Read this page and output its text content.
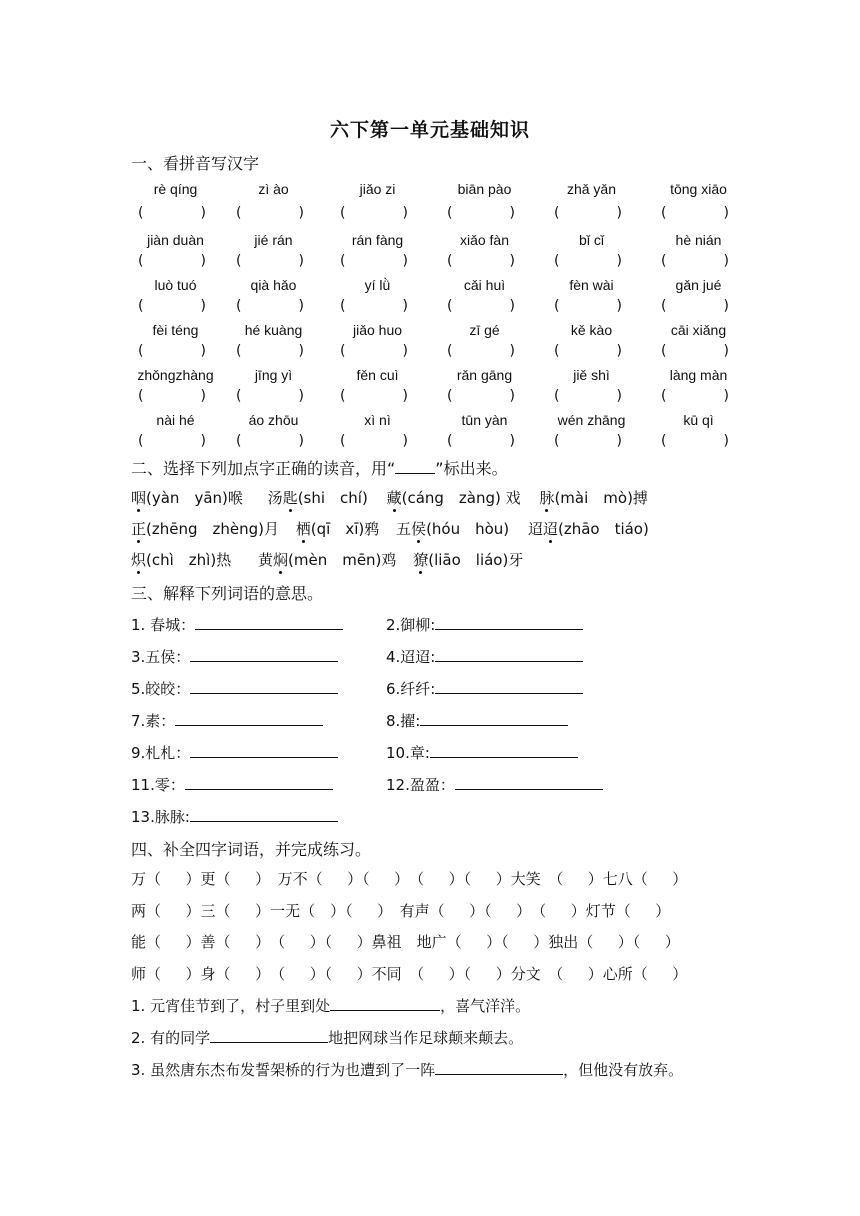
六下第一单元基础知识
一、看拼音写汉字
rè qíng	zì ào	jiǎo zi	biān pào	zhǎ yǎn	tōng xiāo
(	) (	)	(	)	(	)	(	)	(	)
jiàn duàn	jié rán	rán fàng	xiǎo fàn	bǐ cǐ	hè nián
(	) (	)	(	)	(	)	(	)	(	)
luò tuó	qià hǎo	yí lǜ	cǎi huì	fèn wài	gǎn jué
(	) (	)	(	)	(	)	(	)	(	)
fèi téng	hé kuàng	jiǎo huo	zī gé	kě kào	cāi xiǎng
(	) (	)	(	)	(	)	(	)	(	)
zhǒngzhàng	jīng yì	fěn cuì	rǎn gāng	jiě shì	làng màn
(	) (	)	(	)	(	)	(	)	(	)
nài hé	áo zhōu	xì nì	tūn yàn	wén zhāng	kū qì
(	) (	)	(	)	(	)	(	)	(	)
二、选择下列加点字正确的读音，用“	”标出来。
咽(yàn　yān)喉 汤匙(shi　chí) 藏(cáng　zàng) 戏 脉(mài　mò)搏
正(zhēng　zhèng)月 栖(qī　xī)鸦 五侯(hóu　hòu) 迢迢(zhāo　tiáo)
炽(chì　zhì)热 黄焖(mèn　mēn)鸡 獠(liāo　liáo)牙
三、解释下列词语的意思。
1. 春城：	2.御柳:
3.五侯：	4.迢迢:
5.皎皎：	6.纤纤:
7.素：	8.擢:
9.札札：	10.章:
11.零：	12.盈盈：
13.脉脉:
四、补全四字词语，并完成练习。
万（　  ）更（　  ）　万不（　  ）（　  ）　（　  ）（　  ）大笑　（　  ）七八（　  ）
两（　  ）三（　  ）一无（　）（　  ）　有声（　  ）（　  ）　（　  ）灯节（　  ）
能（　  ）善（　  ）　（　  ）（　  ）鼻祖　地广（　  ）（　  ）独出（　  ）（　  ）
师（　  ）身（　  ）　（　  ）（　  ）不同　（　  ）（　  ）分文　（　  ）心所（　  ）
1. 元宵佳节到了，村子里到处	，喜气洋洋。
2. 有的同学	地把网球当作足球颠来颠去。
3. 虽然唐东杰布发誓架桥的行为也遭到了一阵	，但他没有放弃。
